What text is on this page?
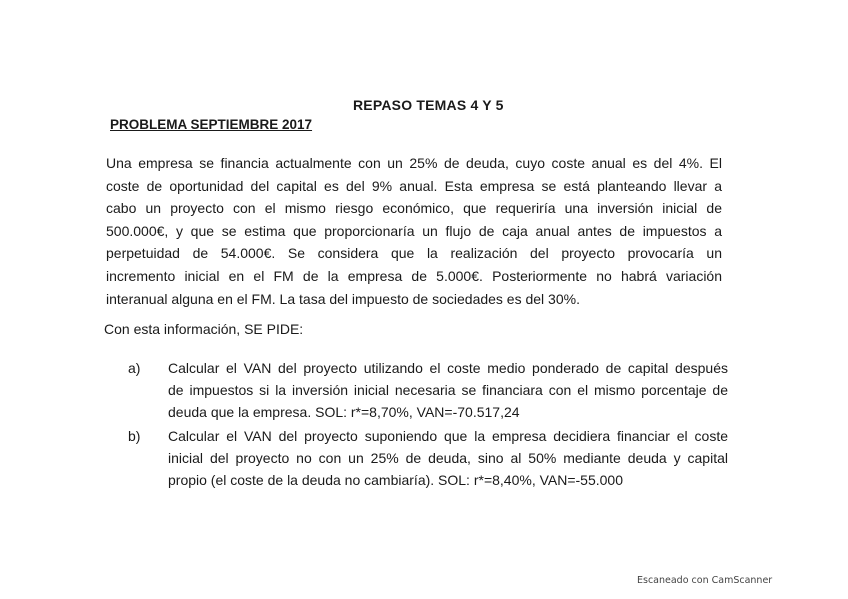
REPASO TEMAS 4 Y 5
PROBLEMA SEPTIEMBRE 2017
Una empresa se financia actualmente con un 25% de deuda, cuyo coste anual es del 4%. El
coste de oportunidad del capital es del 9% anual. Esta empresa se está planteando llevar a
cabo un proyecto con el mismo riesgo económico, que requeriría una inversión inicial de
500.000€, y que se estima que proporcionaría un flujo de caja anual antes de impuestos a
perpetuidad de 54.000€. Se considera que la realización del proyecto provocaría un
incremento inicial en el FM de la empresa de 5.000€. Posteriormente no habrá variación
interanual alguna en el FM. La tasa del impuesto de sociedades es del 30%.
Con esta información, SE PIDE:
a)	Calcular el VAN del proyecto utilizando el coste medio ponderado de capital después
de impuestos si la inversión inicial necesaria se financiara con el mismo porcentaje de
deuda que la empresa. SOL: r*=8,70%, VAN=-70.517,24
b)	Calcular el VAN del proyecto suponiendo que la empresa decidiera financiar el coste
inicial del proyecto no con un 25% de deuda, sino al 50% mediante deuda y capital
propio (el coste de la deuda no cambiaría). SOL: r*=8,40%, VAN=-55.000
Escaneado con CamScanner
